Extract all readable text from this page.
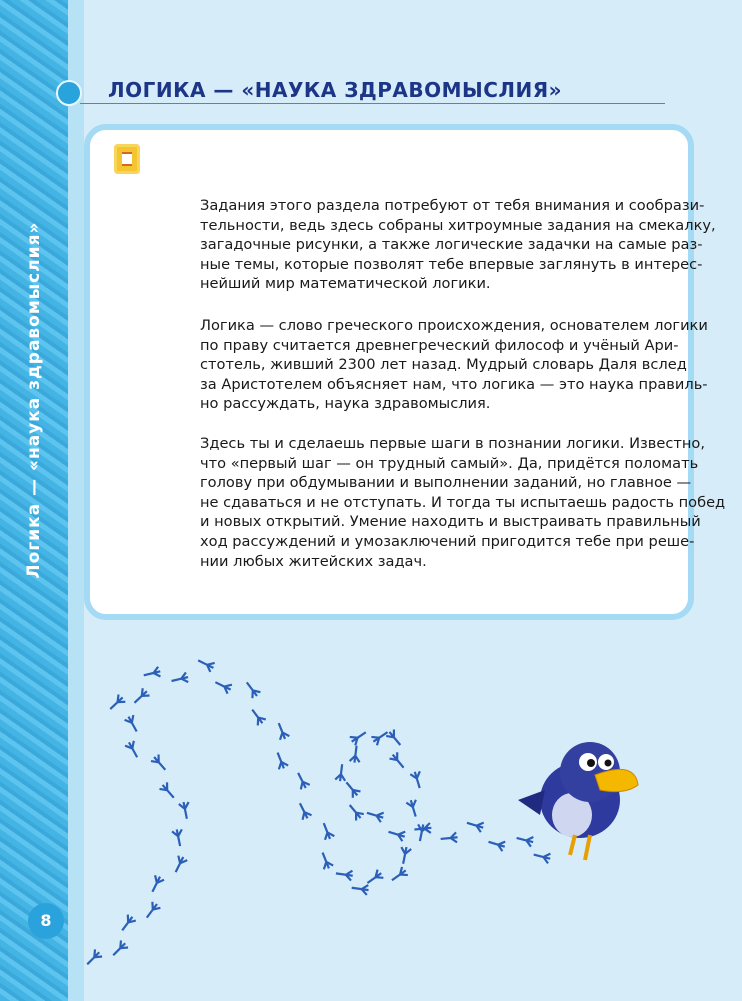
Логика — «наука здравомыслия»
ЛОГИКА — «НАУКА ЗДРАВОМЫСЛИЯ»
Задания этого раздела потребуют от тебя внимания и сообрази-
тельности, ведь здесь собраны хитроумные задания на смекалку,
загадочные рисунки, а также логические задачки на самые раз-
ные темы, которые позволят тебе впервые заглянуть в интерес-
нейший мир математической логики.
Логика — слово греческого происхождения, основателем логики
по праву считается древнегреческий философ и учёный Ари-
стотель, живший 2300 лет назад. Мудрый словарь Даля вслед
за Аристотелем объясняет нам, что логика — это наука правиль-
но рассуждать, наука здравомыслия.
Здесь ты и сделаешь первые шаги в познании логики. Известно,
что «первый шаг — он трудный самый». Да, придётся поломать
голову при обдумывании и выполнении заданий, но главное —
не сдаваться и не отступать. И тогда ты испытаешь радость побед
и новых открытий. Умение находить и выстраивать правильный
ход рассуждений и умозаключений пригодится тебе при реше-
нии любых житейских задач.
8
